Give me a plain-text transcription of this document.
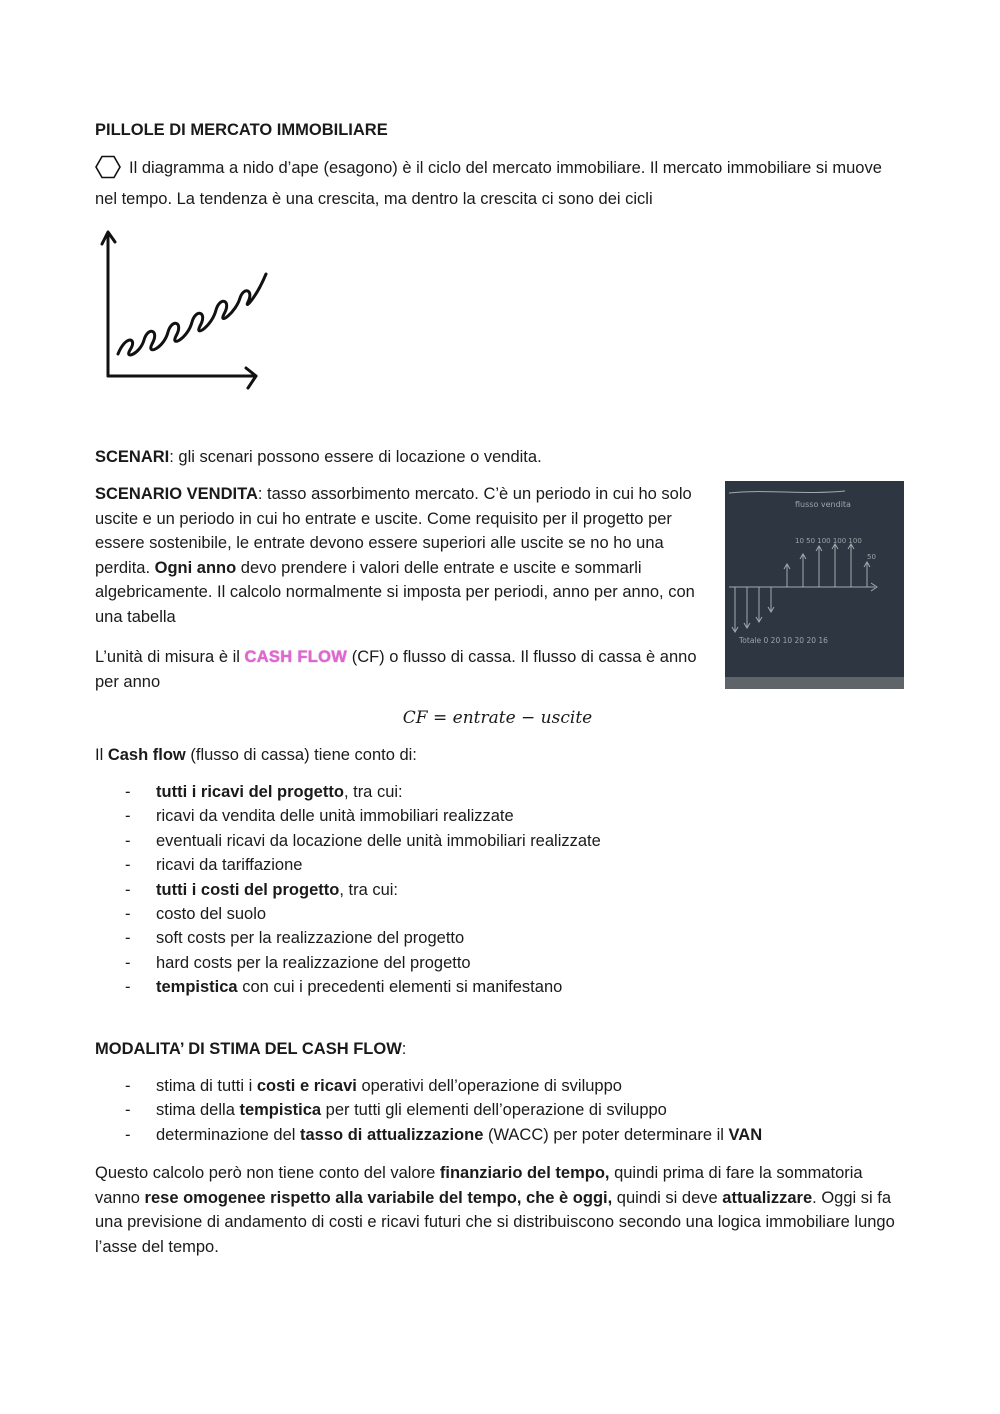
PILLOLE DI MERCATO IMMOBILIARE

Il diagramma a nido d’ape (esagono) è il ciclo del mercato immobiliare. Il mercato immobiliare si muove nel tempo. La tendenza è una crescita, ma dentro la crescita ci sono dei cicli

SCENARI: gli scenari possono essere di locazione o vendita.

SCENARIO VENDITA: tasso assorbimento mercato. C’è un periodo in cui ho solo uscite e un periodo in cui ho entrate e uscite. Come requisito per il progetto per essere sostenibile, le entrate devono essere superiori alle uscite se no ho una perdita. Ogni anno devo prendere i valori delle entrate e uscite e sommarli algebricamente. Il calcolo normalmente si imposta per periodi, anno per anno, con una tabella

flusso vendita
10 50 100 100 100
50
Totale 0 20 10 20 20 16

L’unità di misura è il CASH FLOW (CF) o flusso di cassa. Il flusso di cassa è anno per anno

CF = entrate − uscite

Il Cash flow (flusso di cassa) tiene conto di:

- tutti i ricavi del progetto, tra cui:
- ricavi da vendita delle unità immobiliari realizzate
- eventuali ricavi da locazione delle unità immobiliari realizzate
- ricavi da tariffazione
- tutti i costi del progetto, tra cui:
- costo del suolo
- soft costs per la realizzazione del progetto
- hard costs per la realizzazione del progetto
- tempistica con cui i precedenti elementi si manifestano

MODALITA’ DI STIMA DEL CASH FLOW:

- stima di tutti i costi e ricavi operativi dell’operazione di sviluppo
- stima della tempistica per tutti gli elementi dell’operazione di sviluppo
- determinazione del tasso di attualizzazione (WACC) per poter determinare il VAN

Questo calcolo però non tiene conto del valore finanziario del tempo, quindi prima di fare la sommatoria vanno rese omogenee rispetto alla variabile del tempo, che è oggi, quindi si deve attualizzare. Oggi si fa una previsione di andamento di costi e ricavi futuri che si distribuiscono secondo una logica immobiliare lungo l’asse del tempo.
